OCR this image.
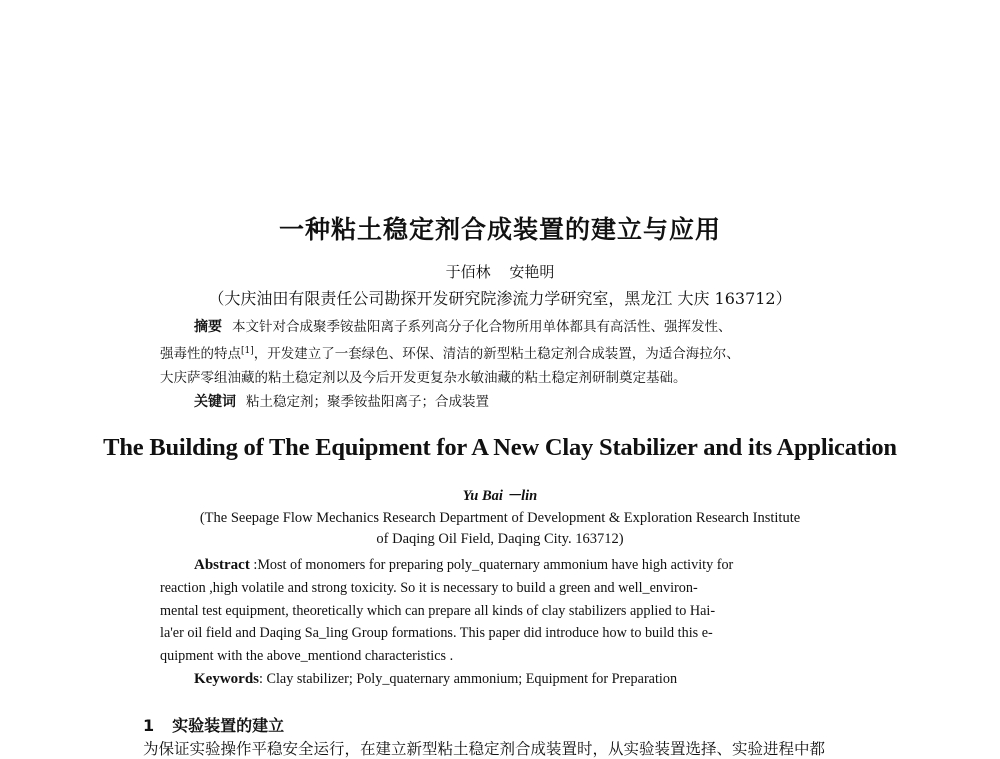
一种粘土稳定剂合成装置的建立与应用
于佰林 安艳明
（大庆油田有限责任公司勘探开发研究院渗流力学研究室，黑龙江 大庆 163712）
摘要 本文针对合成聚季铵盐阳离子系列高分子化合物所用单体都具有高活性、强挥发性、
强毒性的特点[1]，开发建立了一套绿色、环保、清洁的新型粘土稳定剂合成装置，为适合海拉尔、
大庆萨零组油藏的粘土稳定剂以及今后开发更复杂水敏油藏的粘土稳定剂研制奠定基础。
关键词 粘土稳定剂；聚季铵盐阳离子；合成装置
The Building of The Equipment for A New Clay Stabilizer and its Application
Yu Bai －lin
(The Seepage Flow Mechanics Research Department of Development & Exploration Research Institute
of Daqing Oil Field, Daqing City. 163712)
Abstract :Most of monomers for preparing poly_quaternary ammonium have high activity for
reaction ,high volatile and strong toxicity. So it is necessary to build a green and well_environ-
mental test equipment, theoretically which can prepare all kinds of clay stabilizers applied to Hai-
la'er oil field and Daqing Sa_ling Group formations. This paper did introduce how to build this e-
quipment with the above_mentiond characteristics .
Keywords: Clay stabilizer; Poly_quaternary ammonium; Equipment for Preparation
1 实验装置的建立
为保证实验操作平稳安全运行，在建立新型粘土稳定剂合成装置时，从实验装置选择、实验进程中都
